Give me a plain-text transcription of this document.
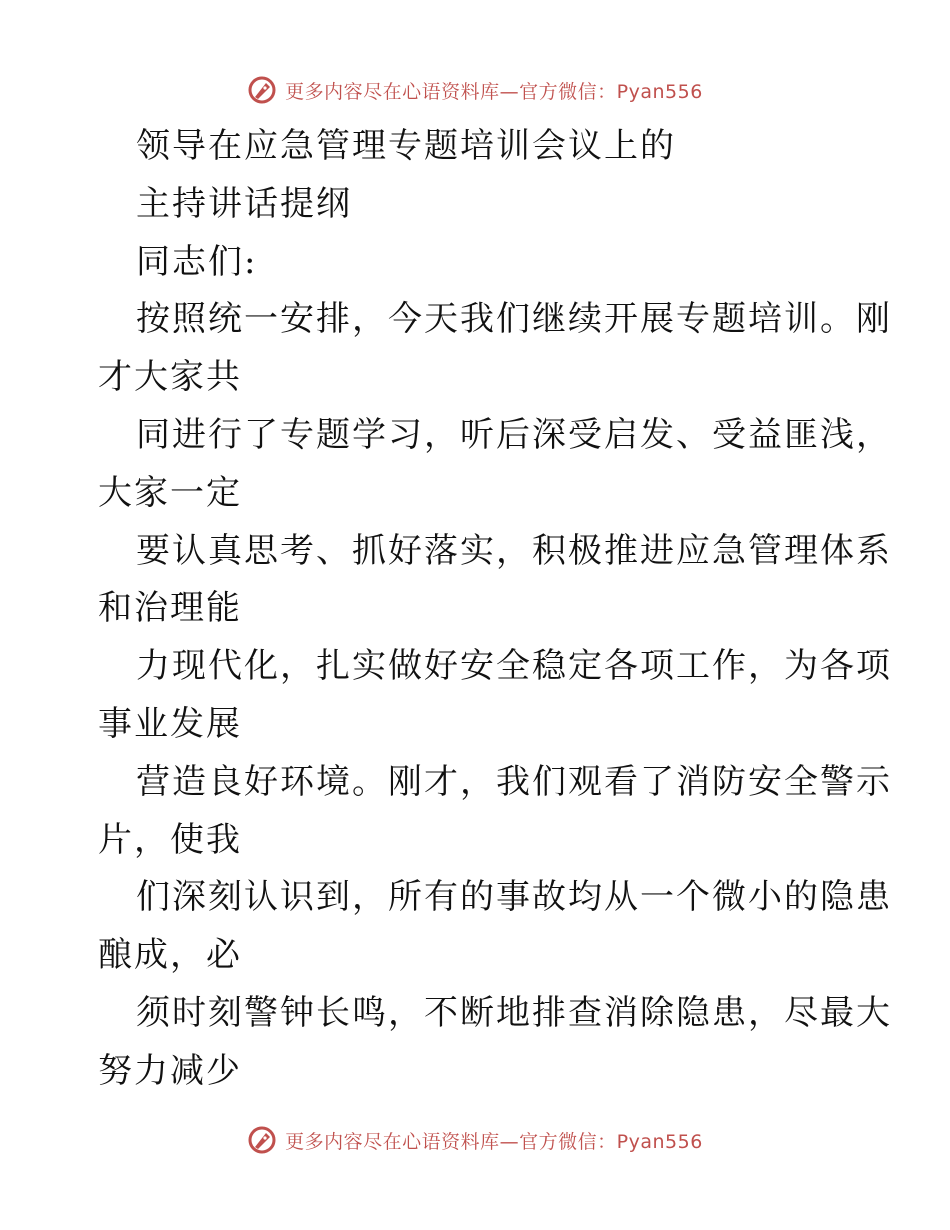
更多内容尽在心语资料库—官方微信：Pyan556
领导在应急管理专题培训会议上的
主持讲话提纲
同志们:
按照统一安排，今天我们继续开展专题培训。刚
才大家共
同进行了专题学习，听后深受启发、受益匪浅，
大家一定
要认真思考、抓好落实，积极推进应急管理体系
和治理能
力现代化，扎实做好安全稳定各项工作，为各项
事业发展
营造良好环境。刚才，我们观看了消防安全警示
片，使我
们深刻认识到，所有的事故均从一个微小的隐患
酿成，必
须时刻警钟长鸣，不断地排查消除隐患，尽最大
努力减少
更多内容尽在心语资料库—官方微信：Pyan556
